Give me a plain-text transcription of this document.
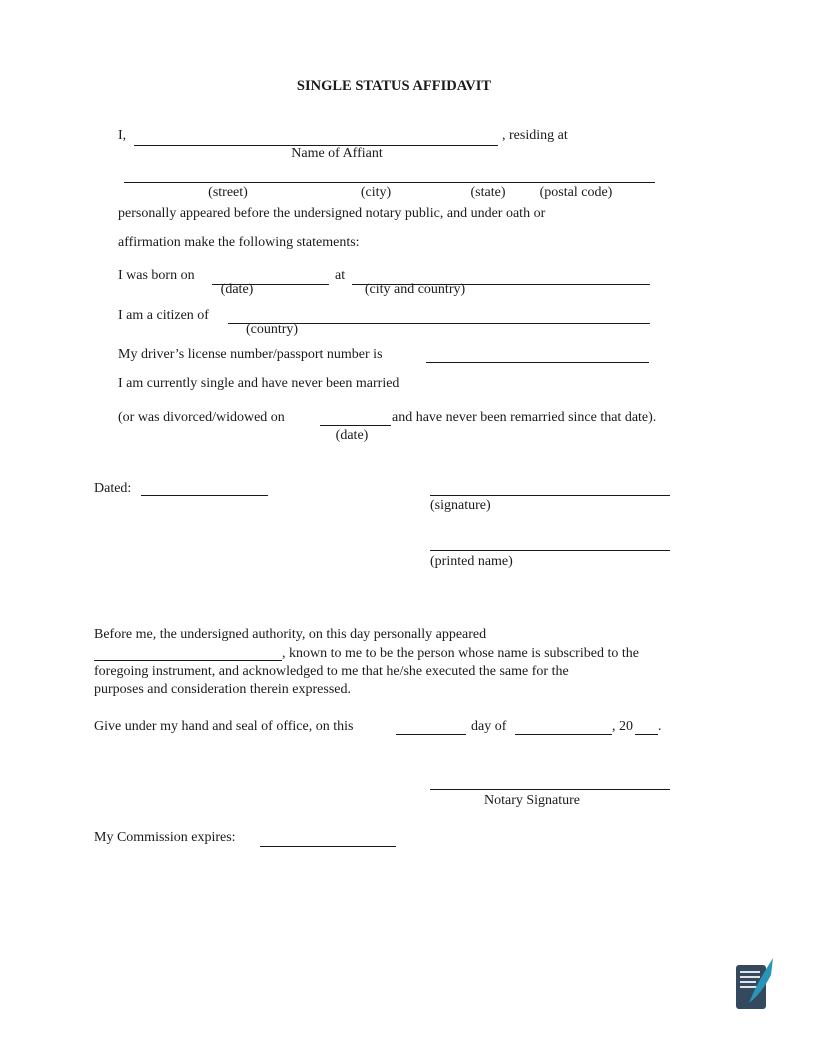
SINGLE STATUS AFFIDAVIT
I,	, residing at
Name of Affiant
(street)	(city)	(state) (postal code)
personally appeared before the undersigned notary public, and under oath or
affirmation make the following statements:
I was born on	at
(date)	(city and country)
I am a citizen of
(country)
My driver’s license number/passport number is
I am currently single and have never been married
(or was divorced/widowed on	and have never been remarried since that date).
(date)
Dated:
(signature)
(printed name)
Before me, the undersigned authority, on this day personally appeared
, known to me to be the person whose name is subscribed to the
foregoing instrument, and acknowledged to me that he/she executed the same for the
purposes and consideration therein expressed.
Give under my hand and seal of office, on this	day of	, 20 .
Notary Signature
My Commission expires:
